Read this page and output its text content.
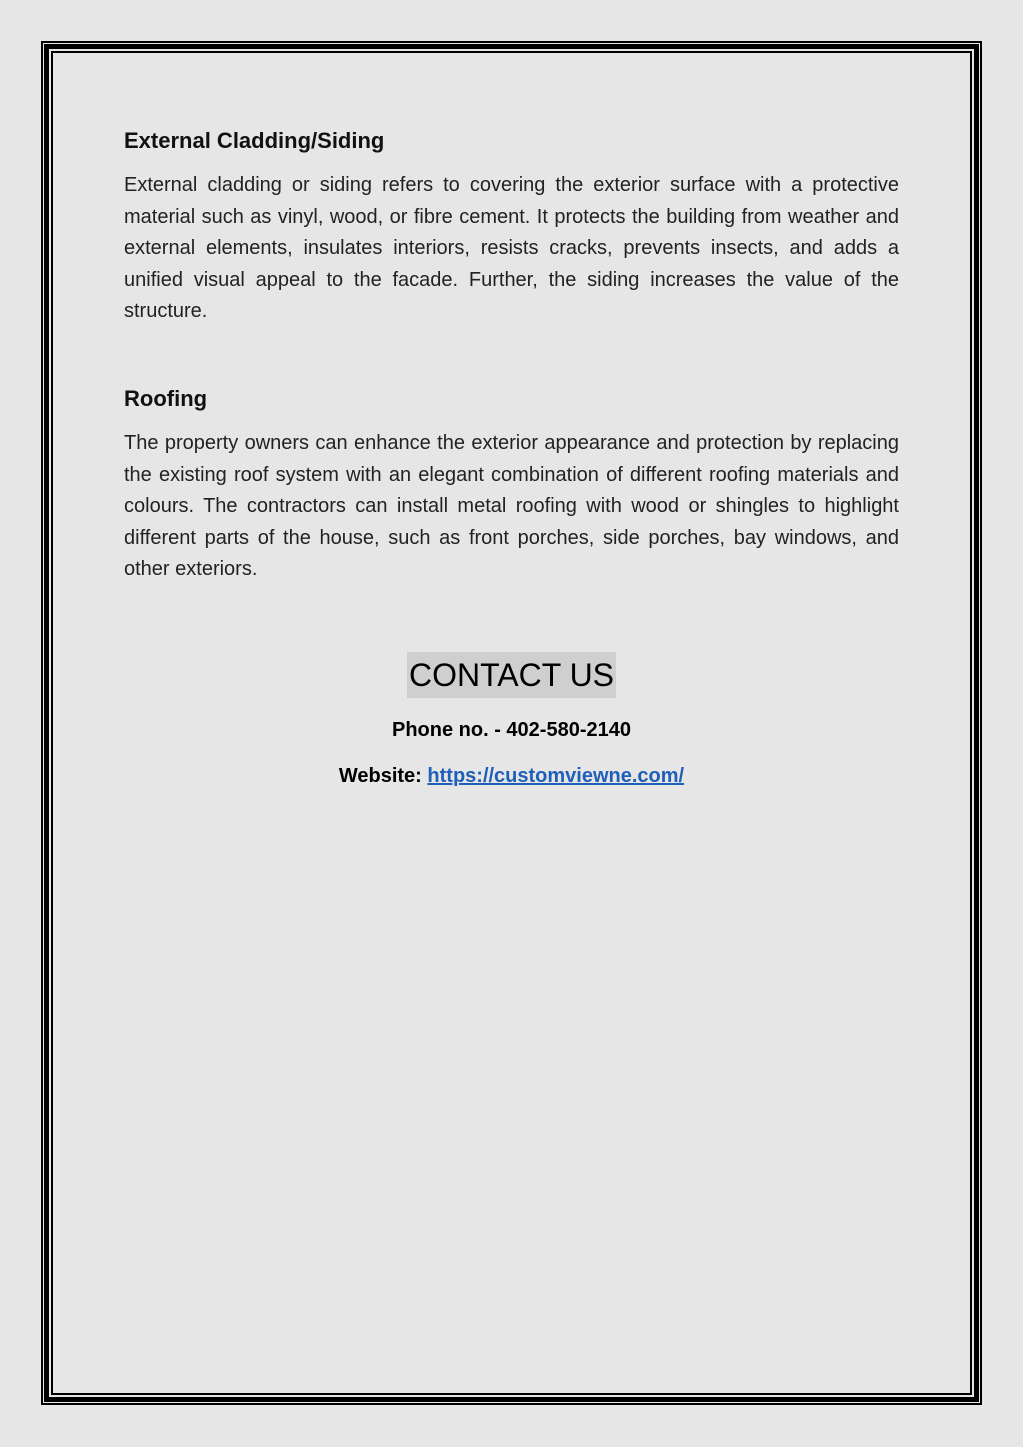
External Cladding/Siding

External cladding or siding refers to covering the exterior surface with a protective material such as vinyl, wood, or fibre cement. It protects the building from weather and external elements, insulates interiors, resists cracks, prevents insects, and adds a unified visual appeal to the facade. Further, the siding increases the value of the structure.

Roofing

The property owners can enhance the exterior appearance and protection by replacing the existing roof system with an elegant combination of different roofing materials and colours. The contractors can install metal roofing with wood or shingles to highlight different parts of the house, such as front porches, side porches, bay windows, and other exteriors.

CONTACT US

Phone no. - 402-580-2140

Website: https://customviewne.com/
